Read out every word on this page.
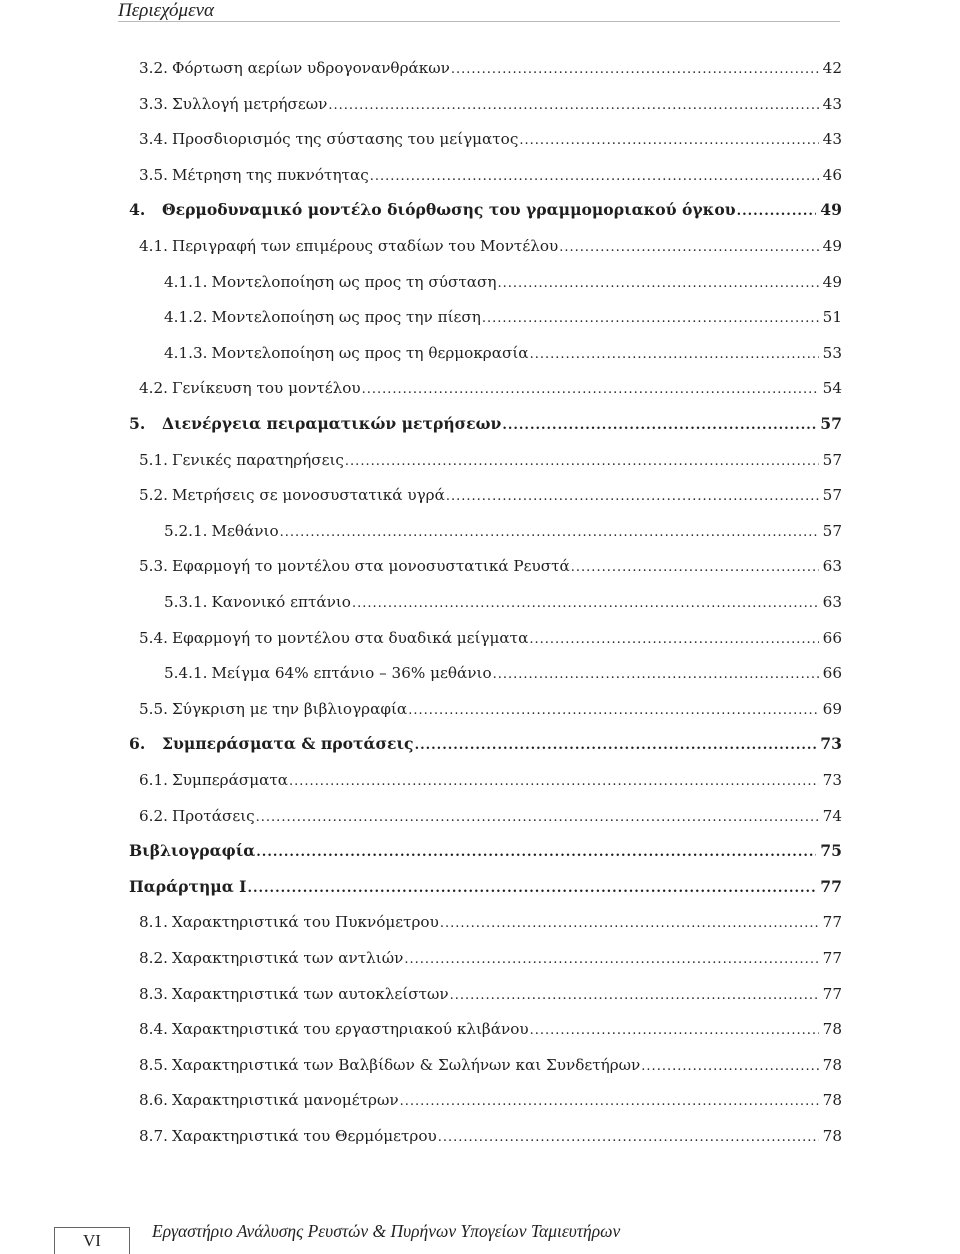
Περιεχόμενα
3.2. Φόρτωση αερίων υδρογονανθράκων .....	42
3.3. Συλλογή μετρήσεων .....	43
3.4. Προσδιορισμός της σύστασης του μείγματος .....	43
3.5. Μέτρηση της πυκνότητας .....	46
4.	Θερμοδυναμικό μοντέλο διόρθωσης του γραμμομοριακού όγκου .....	49
4.1. Περιγραφή των επιμέρους σταδίων του Μοντέλου .....	49
4.1.1. Μοντελοποίηση ως προς τη σύσταση .....	49
4.1.2. Μοντελοποίηση ως προς την πίεση .....	51
4.1.3. Μοντελοποίηση ως προς τη θερμοκρασία .....	53
4.2. Γενίκευση του μοντέλου .....	54
5.	Διενέργεια πειραματικών μετρήσεων .....	57
5.1. Γενικές παρατηρήσεις .....	57
5.2. Μετρήσεις σε μονοσυστατικά υγρά .....	57
5.2.1. Μεθάνιο .....	57
5.3. Εφαρμογή το μοντέλου στα μονοσυστατικά Ρευστά .....	63
5.3.1. Κανονικό επτάνιο .....	63
5.4. Εφαρμογή το μοντέλου στα δυαδικά μείγματα .....	66
5.4.1. Μείγμα 64% επτάνιο – 36% μεθάνιο .....	66
5.5. Σύγκριση με την βιβλιογραφία .....	69
6.	Συμπεράσματα & προτάσεις .....	73
6.1. Συμπεράσματα .....	73
6.2. Προτάσεις .....	74
Βιβλιογραφία .....	75
Παράρτημα Ι .....	77
8.1. Χαρακτηριστικά του Πυκνόμετρου .....	77
8.2. Χαρακτηριστικά των αντλιών .....	77
8.3. Χαρακτηριστικά των αυτοκλείστων .....	77
8.4. Χαρακτηριστικά του εργαστηριακού κλιβάνου .....	78
8.5. Χαρακτηριστικά των Βαλβίδων & Σωλήνων και Συνδετήρων .....	78
8.6. Χαρακτηριστικά μανομέτρων .....	78
8.7. Χαρακτηριστικά του Θερμόμετρου .....	78
VI	Εργαστήριο Ανάλυσης Ρευστών & Πυρήνων Υπογείων Ταμιευτήρων
